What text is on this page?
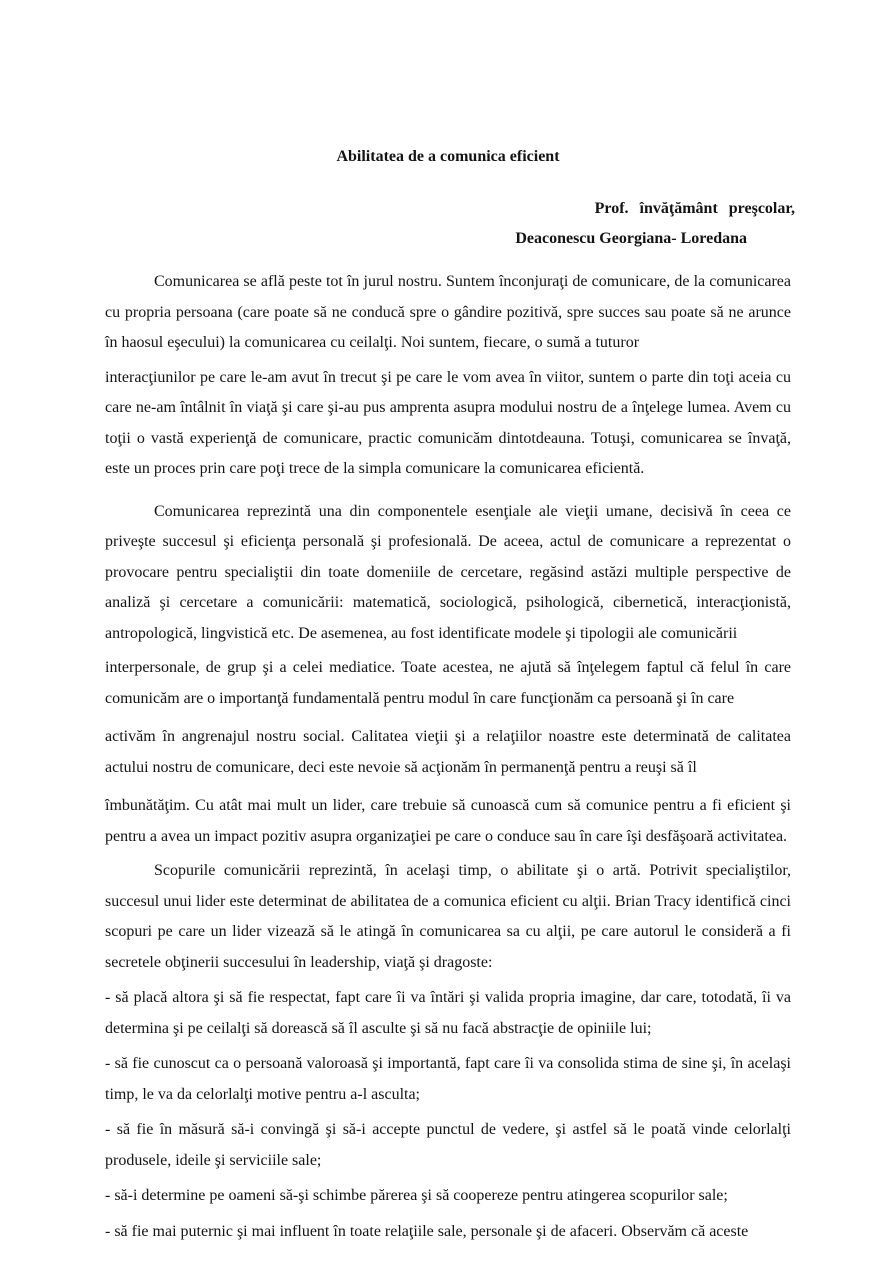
Abilitatea de a comunica eficient
Prof. învăţământ preşcolar,
Deaconescu Georgiana- Loredana

Comunicarea se află peste tot în jurul nostru. Suntem înconjuraţi de comunicare, de la comunicarea cu propria persoana (care poate să ne conducă spre o gândire pozitivă, spre succes sau poate să ne arunce în haosul eşecului) la comunicarea cu ceilalţi. Noi suntem, fiecare, o sumă a tuturor

interacţiunilor pe care le-am avut în trecut şi pe care le vom avea în viitor, suntem o parte din toţi aceia cu care ne-am întâlnit în viaţă şi care şi-au pus amprenta asupra modului nostru de a înţelege lumea. Avem cu toţii o vastă experienţă de comunicare, practic comunicăm dintotdeauna. Totuşi, comunicarea se învaţă, este un proces prin care poţi trece de la simpla comunicare la comunicarea eficientă.

Comunicarea reprezintă una din componentele esenţiale ale vieţii umane, decisivă în ceea ce priveşte succesul şi eficienţa personală şi profesională. De aceea, actul de comunicare a reprezentat o provocare pentru specialiştii din toate domeniile de cercetare, regăsind astăzi multiple perspective de analiză şi cercetare a comunicării: matematică, sociologică, psihologică, cibernetică, interacţionistă, antropologică, lingvistică etc. De asemenea, au fost identificate modele şi tipologii ale comunicării

interpersonale, de grup şi a celei mediatice. Toate acestea, ne ajută să înţelegem faptul că felul în care comunicăm are o importanţă fundamentală pentru modul în care funcţionăm ca persoană şi în care

activăm în angrenajul nostru social. Calitatea vieţii şi a relaţiilor noastre este determinată de calitatea actului nostru de comunicare, deci este nevoie să acţionăm în permanenţă pentru a reuşi să îl

îmbunătăţim. Cu atât mai mult un lider, care trebuie să cunoască cum să comunice pentru a fi eficient şi pentru a avea un impact pozitiv asupra organizaţiei pe care o conduce sau în care îşi desfăşoară activitatea.

Scopurile comunicării reprezintă, în acelaşi timp, o abilitate şi o artă. Potrivit specialiştilor, succesul unui lider este determinat de abilitatea de a comunica eficient cu alţii. Brian Tracy identifică cinci scopuri pe care un lider vizează să le atingă în comunicarea sa cu alţii, pe care autorul le consideră a fi secretele obţinerii succesului în leadership, viaţă şi dragoste:

- să placă altora şi să fie respectat, fapt care îi va întări şi valida propria imagine, dar care, totodată, îi va determina şi pe ceilalţi să dorească să îl asculte şi să nu facă abstracţie de opiniile lui;

- să fie cunoscut ca o persoană valoroasă şi importantă, fapt care îi va consolida stima de sine şi, în acelaşi timp, le va da celorlalţi motive pentru a-l asculta;

- să fie în măsură să-i convingă şi să-i accepte punctul de vedere, şi astfel să le poată vinde celorlalţi produsele, ideile şi serviciile sale;

- să-i determine pe oameni să-şi schimbe părerea şi să coopereze pentru atingerea scopurilor sale;

- să fie mai puternic şi mai influent în toate relaţiile sale, personale şi de afaceri. Observăm că aceste
